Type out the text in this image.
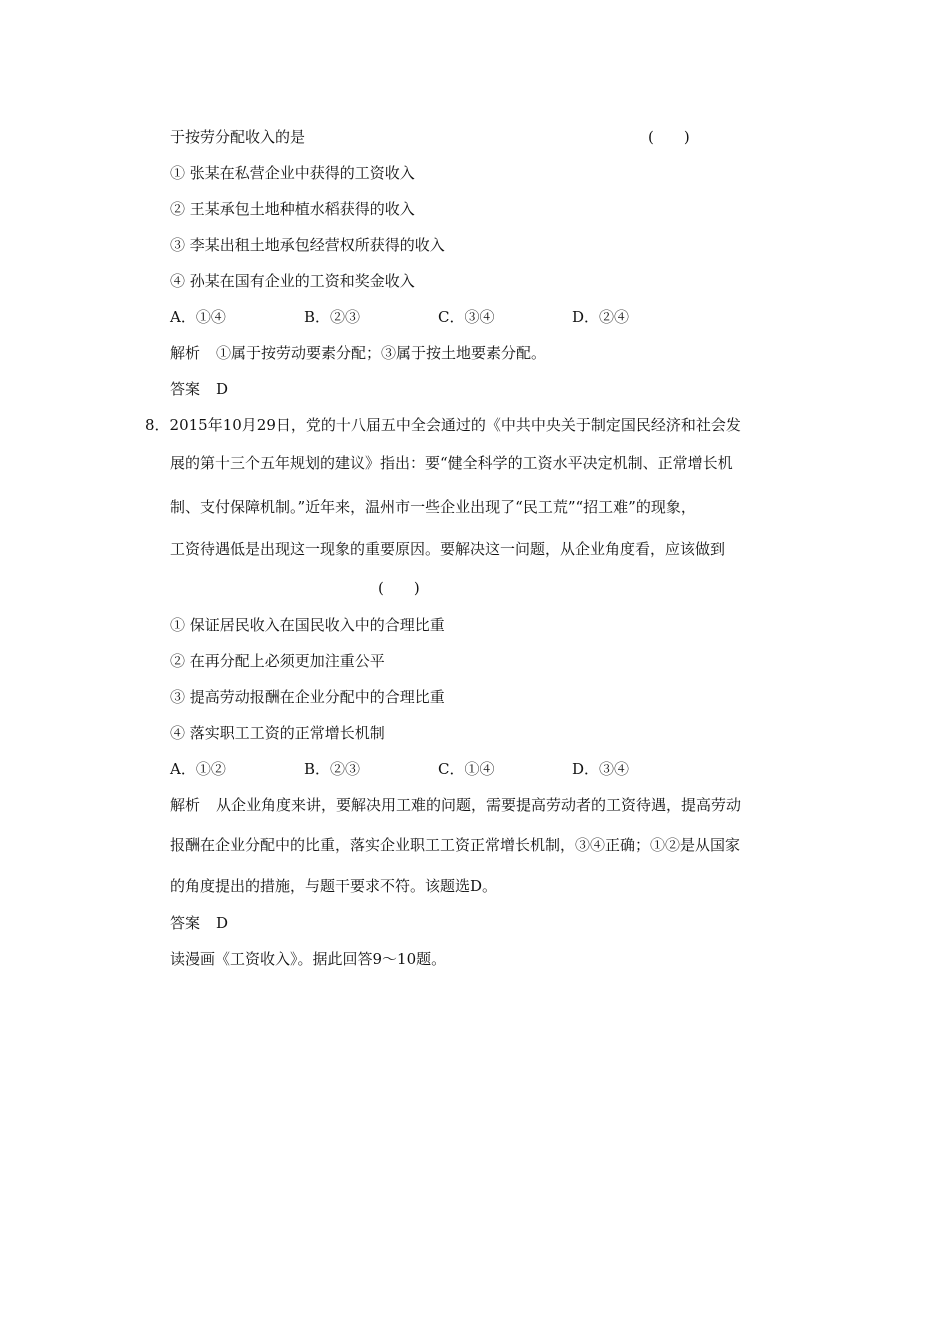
于按劳分配收入的是	(　　)
① 张某在私营企业中获得的工资收入
② 王某承包土地种植水稻获得的收入
③ 李某出租土地承包经营权所获得的收入
④ 孙某在国有企业的工资和奖金收入
A．①④	B．②③	C．③④	D．②④
解析 ①属于按劳动要素分配；③属于按土地要素分配。
答案 D
8．2015年10月29日，党的十八届五中全会通过的《中共中央关于制定国民经济和社会发
展的第十三个五年规划的建议》指出：要“健全科学的工资水平决定机制、正常增长机
制、支付保障机制。”近年来，温州市一些企业出现了“民工荒”“招工难”的现象，
工资待遇低是出现这一现象的重要原因。要解决这一问题，从企业角度看，应该做到
(　　)
① 保证居民收入在国民收入中的合理比重
② 在再分配上必须更加注重公平
③ 提高劳动报酬在企业分配中的合理比重
④ 落实职工工资的正常增长机制
A．①②	B．②③	C．①④	D．③④
解析 从企业角度来讲，要解决用工难的问题，需要提高劳动者的工资待遇，提高劳动
报酬在企业分配中的比重，落实企业职工工资正常增长机制，③④正确；①②是从国家
的角度提出的措施，与题干要求不符。该题选D。
答案 D
读漫画《工资收入》。据此回答9～10题。
